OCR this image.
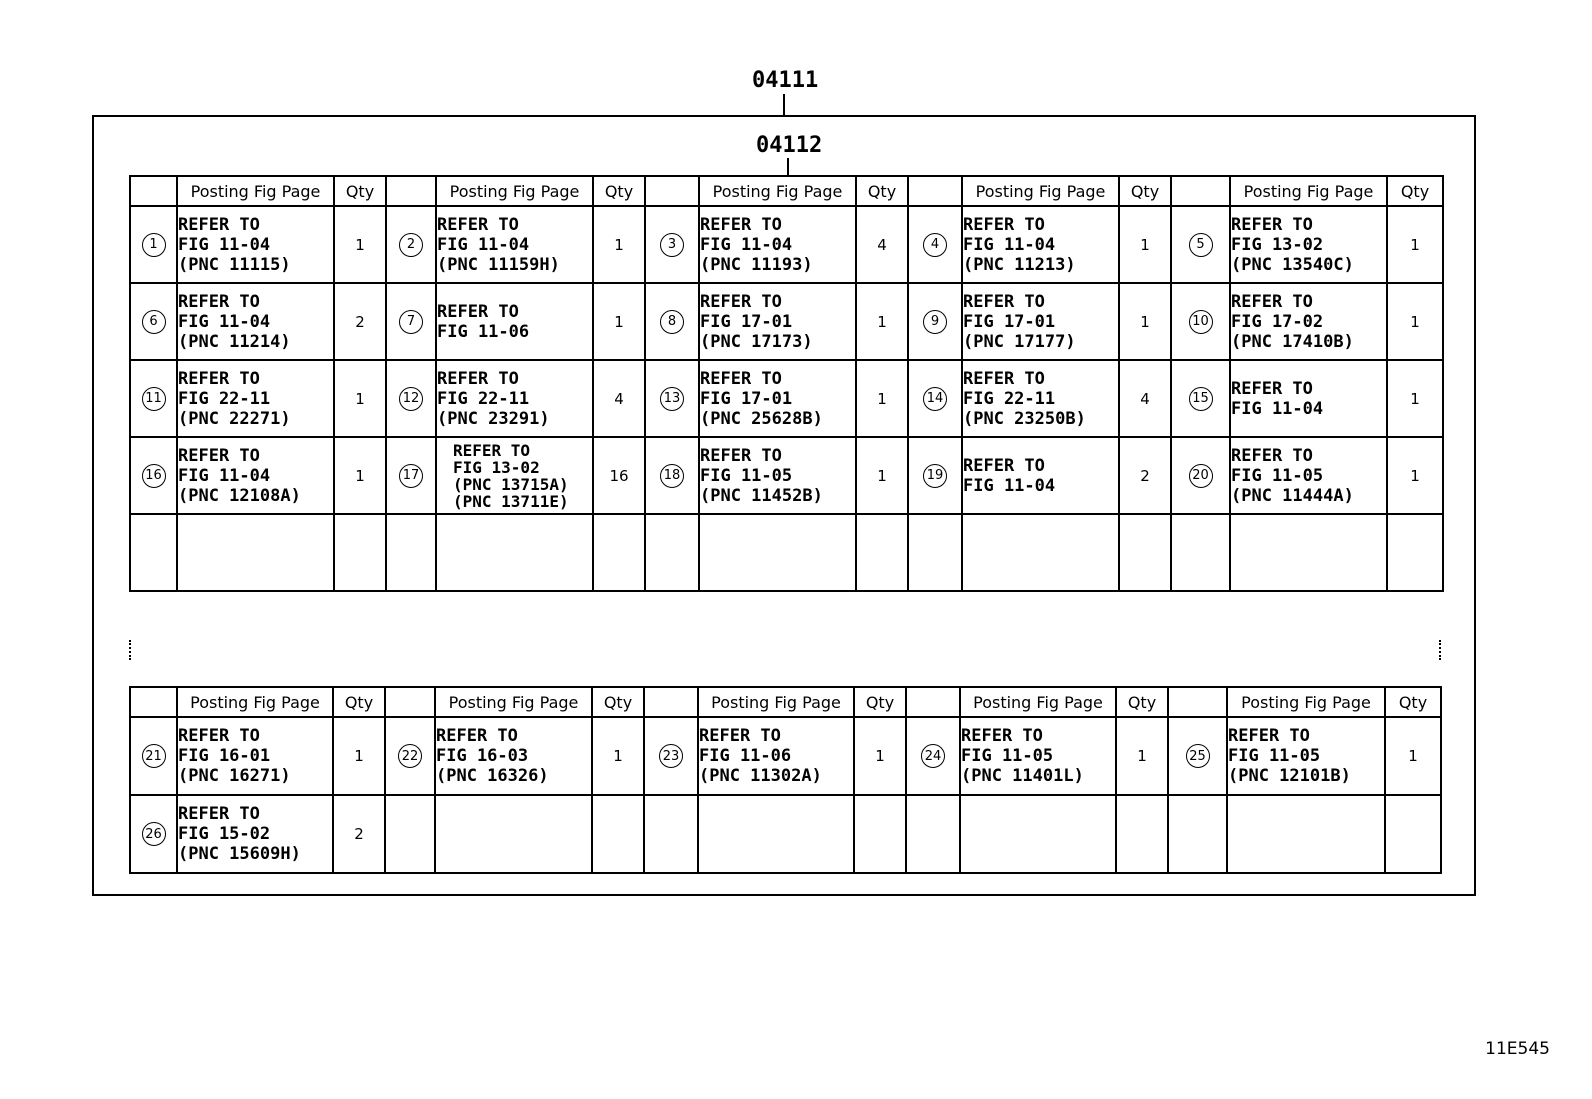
04111
04112
	Posting Fig Page	Qty		Posting Fig Page	Qty		Posting Fig Page	Qty		Posting Fig Page	Qty		Posting Fig Page	Qty
1	REFER TO
FIG 11-04
(PNC 11115)	1	2	REFER TO
FIG 11-04
(PNC 11159H)	1	3	REFER TO
FIG 11-04
(PNC 11193)	4	4	REFER TO
FIG 11-04
(PNC 11213)	1	5	REFER TO
FIG 13-02
(PNC 13540C)	1
6	REFER TO
FIG 11-04
(PNC 11214)	2	7	REFER TO
FIG 11-06	1	8	REFER TO
FIG 17-01
(PNC 17173)	1	9	REFER TO
FIG 17-01
(PNC 17177)	1	10	REFER TO
FIG 17-02
(PNC 17410B)	1
11	REFER TO
FIG 22-11
(PNC 22271)	1	12	REFER TO
FIG 22-11
(PNC 23291)	4	13	REFER TO
FIG 17-01
(PNC 25628B)	1	14	REFER TO
FIG 22-11
(PNC 23250B)	4	15	REFER TO
FIG 11-04	1
16	REFER TO
FIG 11-04
(PNC 12108A)	1	17	REFER TO
FIG 13-02
(PNC 13715A)
(PNC 13711E)	16	18	REFER TO
FIG 11-05
(PNC 11452B)	1	19	REFER TO
FIG 11-04	2	20	REFER TO
FIG 11-05
(PNC 11444A)	1

	Posting Fig Page	Qty		Posting Fig Page	Qty		Posting Fig Page	Qty		Posting Fig Page	Qty		Posting Fig Page	Qty
21	REFER TO
FIG 16-01
(PNC 16271)	1	22	REFER TO
FIG 16-03
(PNC 16326)	1	23	REFER TO
FIG 11-06
(PNC 11302A)	1	24	REFER TO
FIG 11-05
(PNC 11401L)	1	25	REFER TO
FIG 11-05
(PNC 12101B)	1
26	REFER TO
FIG 15-02
(PNC 15609H)	2												
11E545
